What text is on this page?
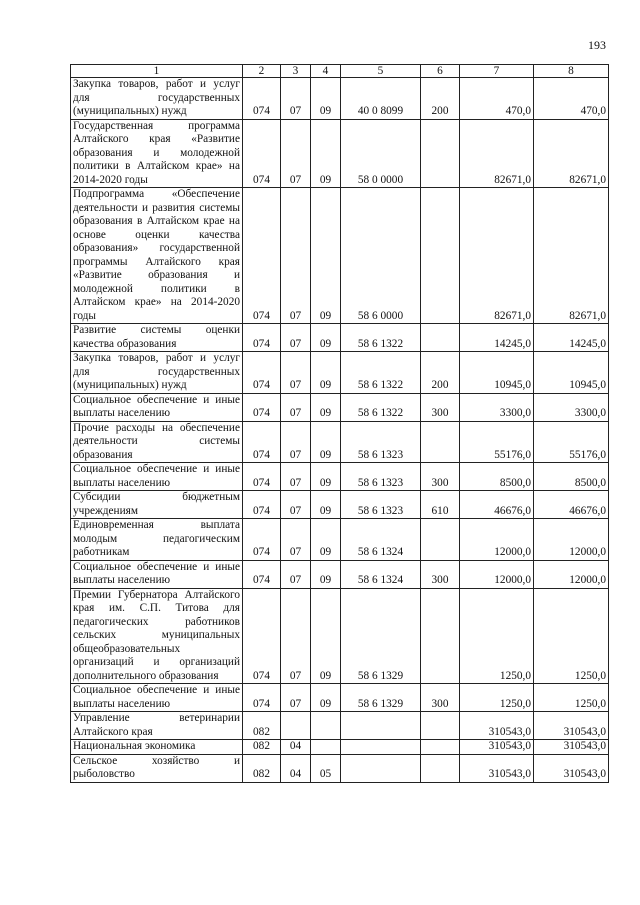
193
1	2	3	4	5	6	7	8
Закупка товаров, работ и услуг для государственных (муниципальных) нужд	074	07	09	40 0 8099	200	470,0	470,0
Государственная программа Алтайского края «Развитие образования и молодежной политики в Алтайском крае» на 2014-2020 годы	074	07	09	58 0 0000		82671,0	82671,0
Подпрограмма «Обеспечение деятельности и развития системы образования в Алтайском крае на основе оценки качества образования» государственной программы Алтайского края «Развитие образования и молодежной политики в Алтайском крае» на 2014-2020 годы	074	07	09	58 6 0000		82671,0	82671,0
Развитие системы оценки качества образования	074	07	09	58 6 1322		14245,0	14245,0
Закупка товаров, работ и услуг для государственных (муниципальных) нужд	074	07	09	58 6 1322	200	10945,0	10945,0
Социальное обеспечение и иные выплаты населению	074	07	09	58 6 1322	300	3300,0	3300,0
Прочие расходы на обеспечение деятельности системы образования	074	07	09	58 6 1323		55176,0	55176,0
Социальное обеспечение и иные выплаты населению	074	07	09	58 6 1323	300	8500,0	8500,0
Субсидии бюджетным учреждениям	074	07	09	58 6 1323	610	46676,0	46676,0
Единовременная выплата молодым педагогическим работникам	074	07	09	58 6 1324		12000,0	12000,0
Социальное обеспечение и иные выплаты населению	074	07	09	58 6 1324	300	12000,0	12000,0
Премии Губернатора Алтайского края им. С.П. Титова для педагогических работников сельских муниципальных общеобразовательных организаций и организаций дополнительного образования	074	07	09	58 6 1329		1250,0	1250,0
Социальное обеспечение и иные выплаты населению	074	07	09	58 6 1329	300	1250,0	1250,0
Управление ветеринарии Алтайского края	082					310543,0	310543,0
Национальная экономика	082	04				310543,0	310543,0
Сельское хозяйство и рыболовство	082	04	05			310543,0	310543,0
